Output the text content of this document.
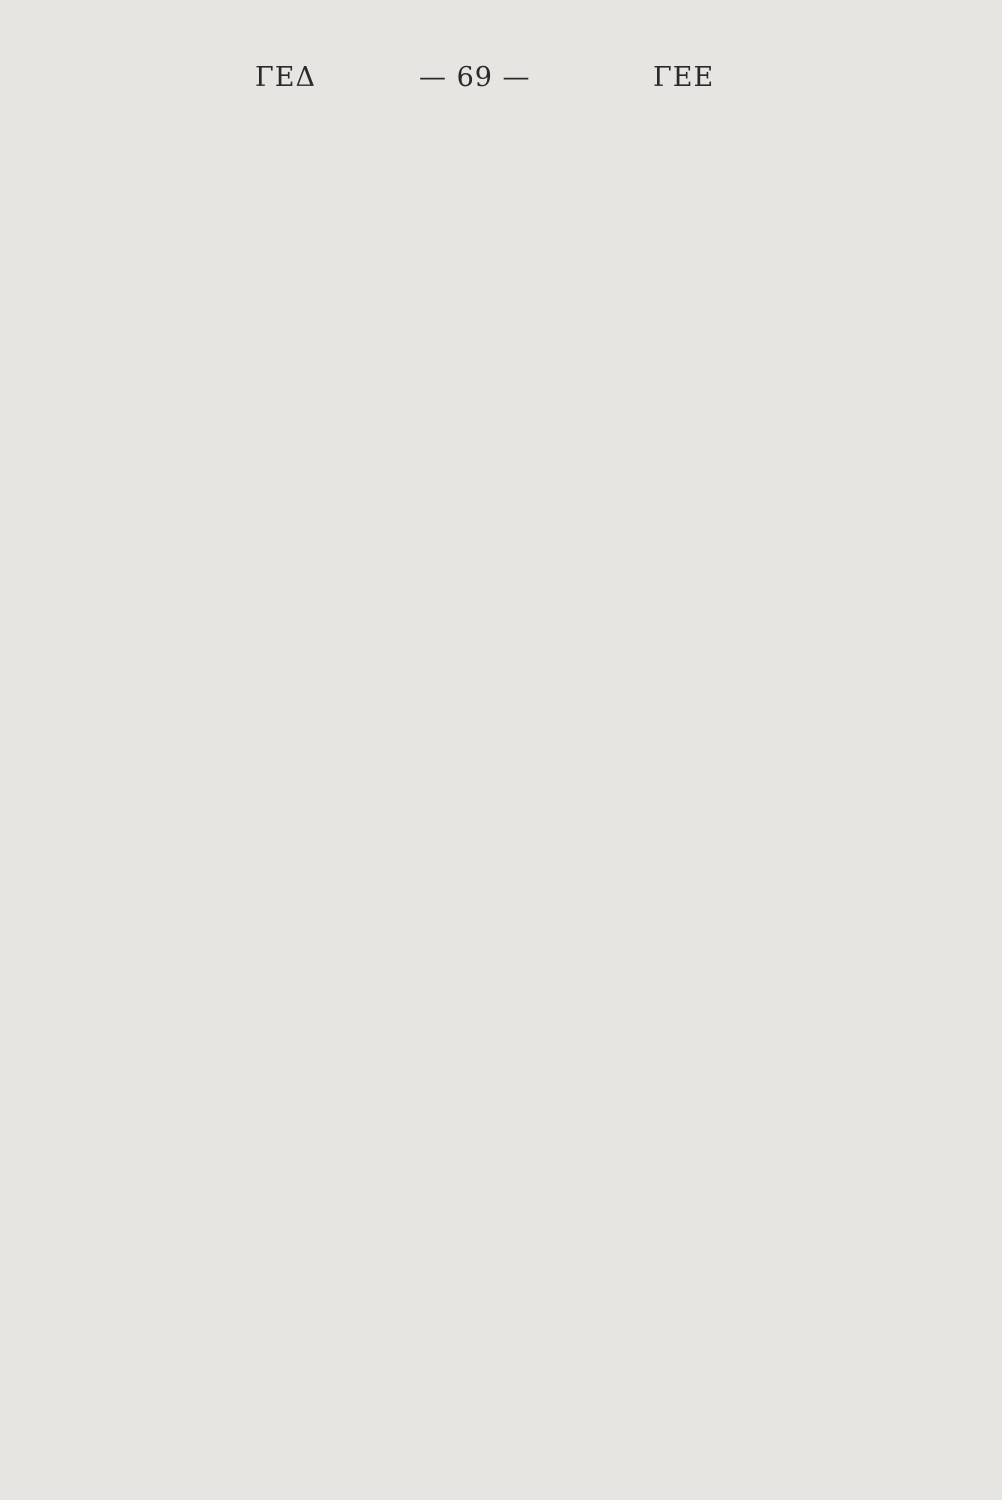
ΓΕΔ	— 69 —	ΓΕΕ
